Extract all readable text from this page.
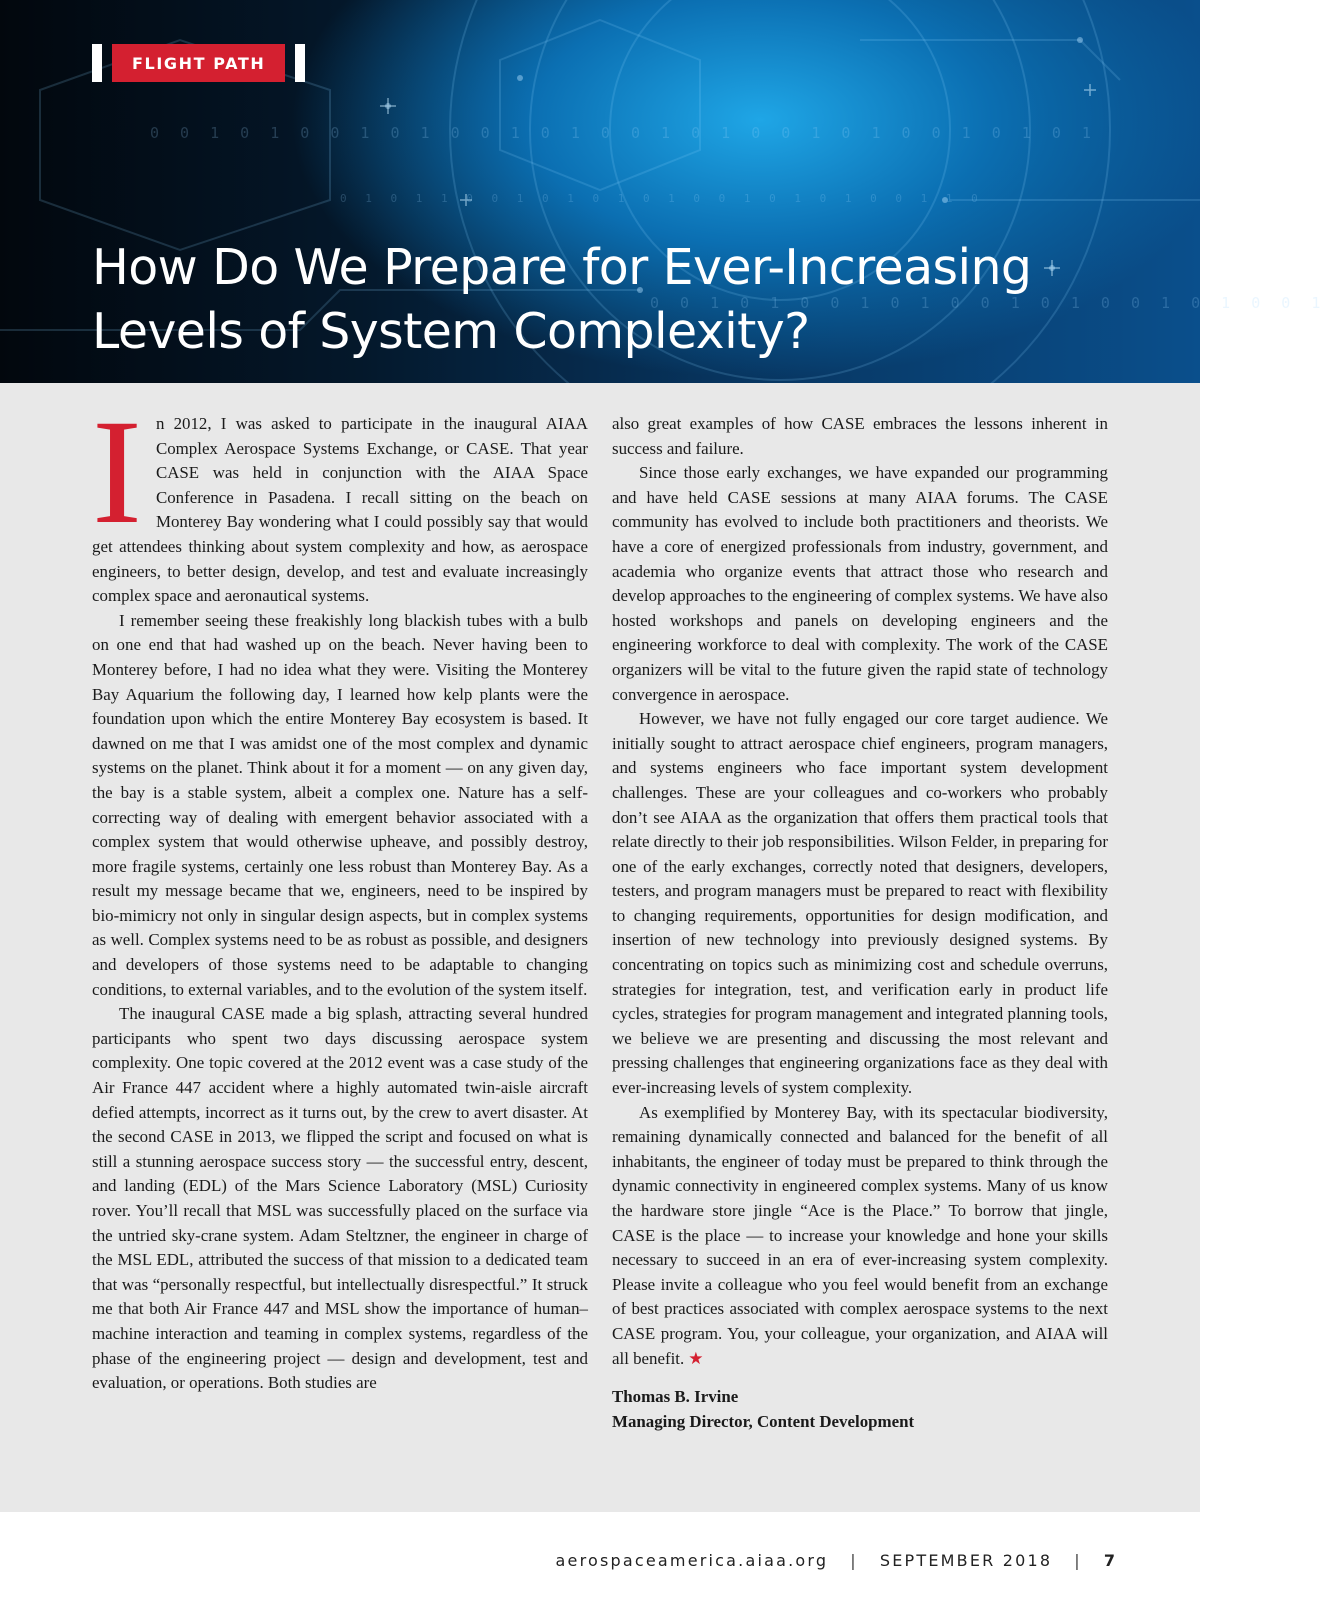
0 0 1 0 1 0 0 1 0 1 0 0 1 0 1 0 0 1 0 1 0 0 1 0 1 0 0 1 0 1 0 1
0 1 0 1 1 0 0 1 0 1 0 1 0 1 0 0 1 0 1 0 1 0 0 1 1 0
0 0 1 0 1 0 0 1 0 1 0 0 1 0 1 0 0 1 0 1 0 0 1
FLIGHT PATH
How Do We Prepare for Ever-Increasing Levels of System Complexity?

In 2012, I was asked to participate in the inaugural AIAA Complex Aerospace Systems Exchange, or CASE. That year CASE was held in conjunction with the AIAA Space Conference in Pasadena. I recall sitting on the beach on Monterey Bay wondering what I could possibly say that would get attendees thinking about system complexity and how, as aerospace engineers, to better design, develop, and test and evaluate increasingly complex space and aeronautical systems.

I remember seeing these freakishly long blackish tubes with a bulb on one end that had washed up on the beach. Never having been to Monterey before, I had no idea what they were. Visiting the Monterey Bay Aquarium the following day, I learned how kelp plants were the foundation upon which the entire Monterey Bay ecosystem is based. It dawned on me that I was amidst one of the most complex and dynamic systems on the planet. Think about it for a moment — on any given day, the bay is a stable system, albeit a complex one. Nature has a self-correcting way of dealing with emergent behavior associated with a complex system that would otherwise upheave, and possibly destroy, more fragile systems, certainly one less robust than Monterey Bay. As a result my message became that we, engineers, need to be inspired by bio-mimicry not only in singular design aspects, but in complex systems as well. Complex systems need to be as robust as possible, and designers and developers of those systems need to be adaptable to changing conditions, to external variables, and to the evolution of the system itself.

The inaugural CASE made a big splash, attracting several hundred participants who spent two days discussing aerospace system complexity. One topic covered at the 2012 event was a case study of the Air France 447 accident where a highly automated twin-aisle aircraft defied attempts, incorrect as it turns out, by the crew to avert disaster. At the second CASE in 2013, we flipped the script and focused on what is still a stunning aerospace success story — the successful entry, descent, and landing (EDL) of the Mars Science Laboratory (MSL) Curiosity rover. You’ll recall that MSL was successfully placed on the surface via the untried sky-crane system. Adam Steltzner, the engineer in charge of the MSL EDL, attributed the success of that mission to a dedicated team that was “personally respectful, but intellectually disrespectful.” It struck me that both Air France 447 and MSL show the importance of human–machine interaction and teaming in complex systems, regardless of the phase of the engineering project — design and development, test and evaluation, or operations. Both studies are

also great examples of how CASE embraces the lessons inherent in success and failure.

Since those early exchanges, we have expanded our programming and have held CASE sessions at many AIAA forums. The CASE community has evolved to include both practitioners and theorists. We have a core of energized professionals from industry, government, and academia who organize events that attract those who research and develop approaches to the engineering of complex systems. We have also hosted workshops and panels on developing engineers and the engineering workforce to deal with complexity. The work of the CASE organizers will be vital to the future given the rapid state of technology convergence in aerospace.

However, we have not fully engaged our core target audience. We initially sought to attract aerospace chief engineers, program managers, and systems engineers who face important system development challenges. These are your colleagues and co-workers who probably don’t see AIAA as the organization that offers them practical tools that relate directly to their job responsibilities. Wilson Felder, in preparing for one of the early exchanges, correctly noted that designers, developers, testers, and program managers must be prepared to react with flexibility to changing requirements, opportunities for design modification, and insertion of new technology into previously designed systems. By concentrating on topics such as minimizing cost and schedule overruns, strategies for integration, test, and verification early in product life cycles, strategies for program management and integrated planning tools, we believe we are presenting and discussing the most relevant and pressing challenges that engineering organizations face as they deal with ever-increasing levels of system complexity.

As exemplified by Monterey Bay, with its spectacular biodiversity, remaining dynamically connected and balanced for the benefit of all inhabitants, the engineer of today must be prepared to think through the dynamic connectivity in engineered complex systems. Many of us know the hardware store jingle “Ace is the Place.” To borrow that jingle, CASE is the place — to increase your knowledge and hone your skills necessary to succeed in an era of ever-increasing system complexity. Please invite a colleague who you feel would benefit from an exchange of best practices associated with complex aerospace systems to the next CASE program. You, your colleague, your organization, and AIAA will all benefit. ★

Thomas B. Irvine
Managing Director, Content Development

aerospaceamerica.aiaa.org | SEPTEMBER 2018 | 7
